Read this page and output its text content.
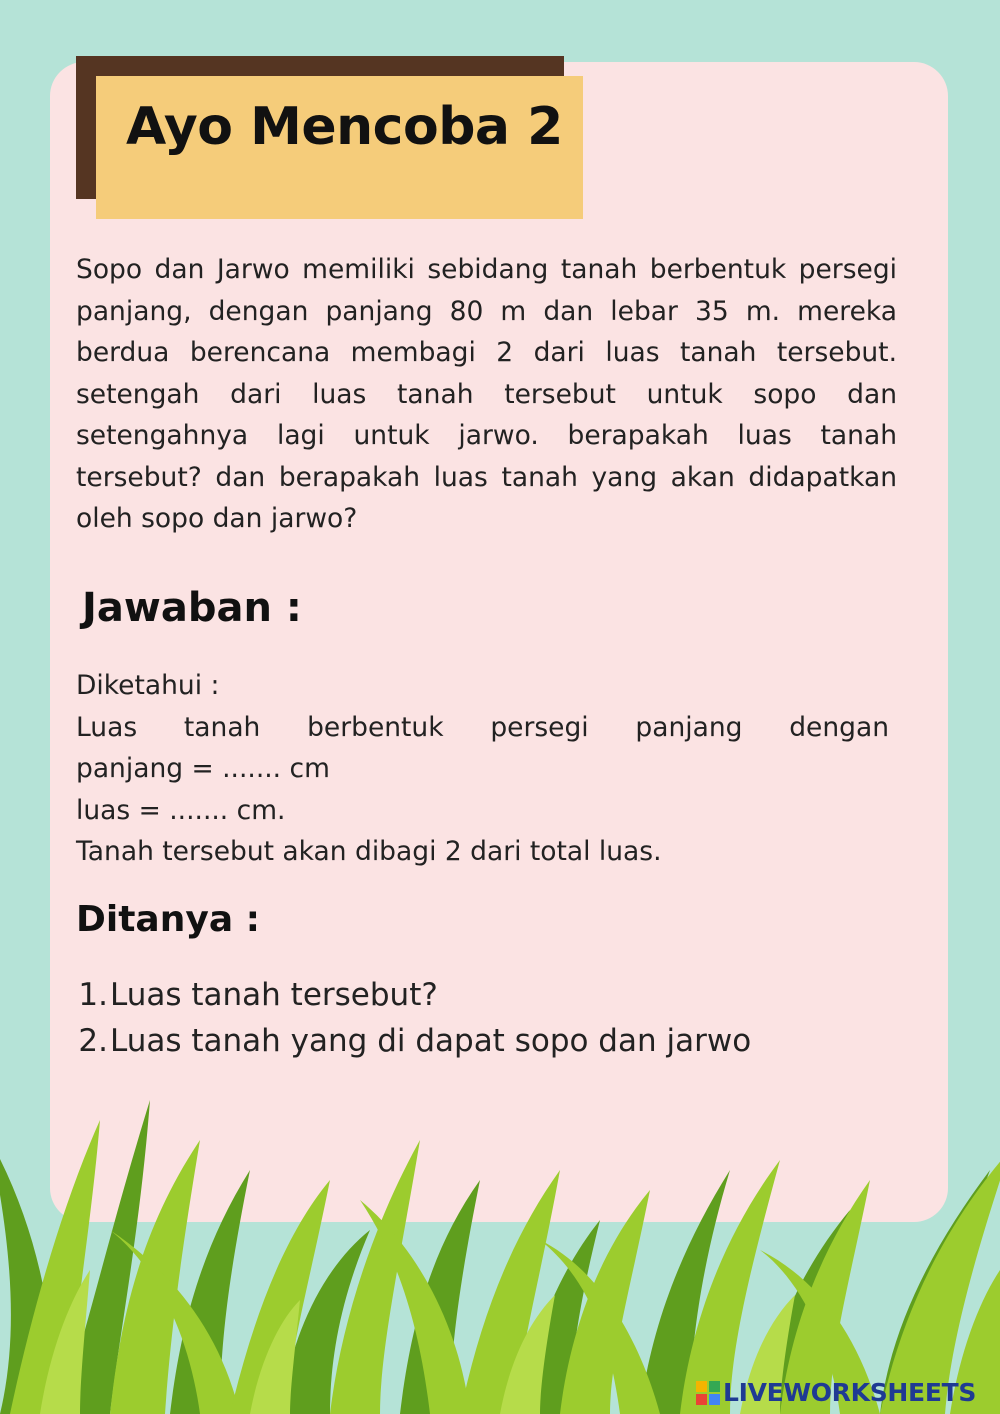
Ayo Mencoba 2

Sopo dan Jarwo memiliki sebidang tanah berbentuk persegi panjang, dengan panjang 80 m dan lebar 35 m. mereka berdua berencana membagi 2 dari luas tanah tersebut. setengah dari luas tanah tersebut untuk sopo dan setengahnya lagi untuk jarwo. berapakah luas tanah tersebut? dan berapakah luas tanah yang akan didapatkan oleh sopo dan jarwo?

Jawaban :
Diketahui :
Luas tanah berbentuk persegi panjang dengan
panjang = ....... cm
luas = ....... cm.
Tanah tersebut akan dibagi 2 dari total luas.
Ditanya :
1. Luas tanah tersebut?
2. Luas tanah yang di dapat sopo dan jarwo
LIVEWORKSHEETS
